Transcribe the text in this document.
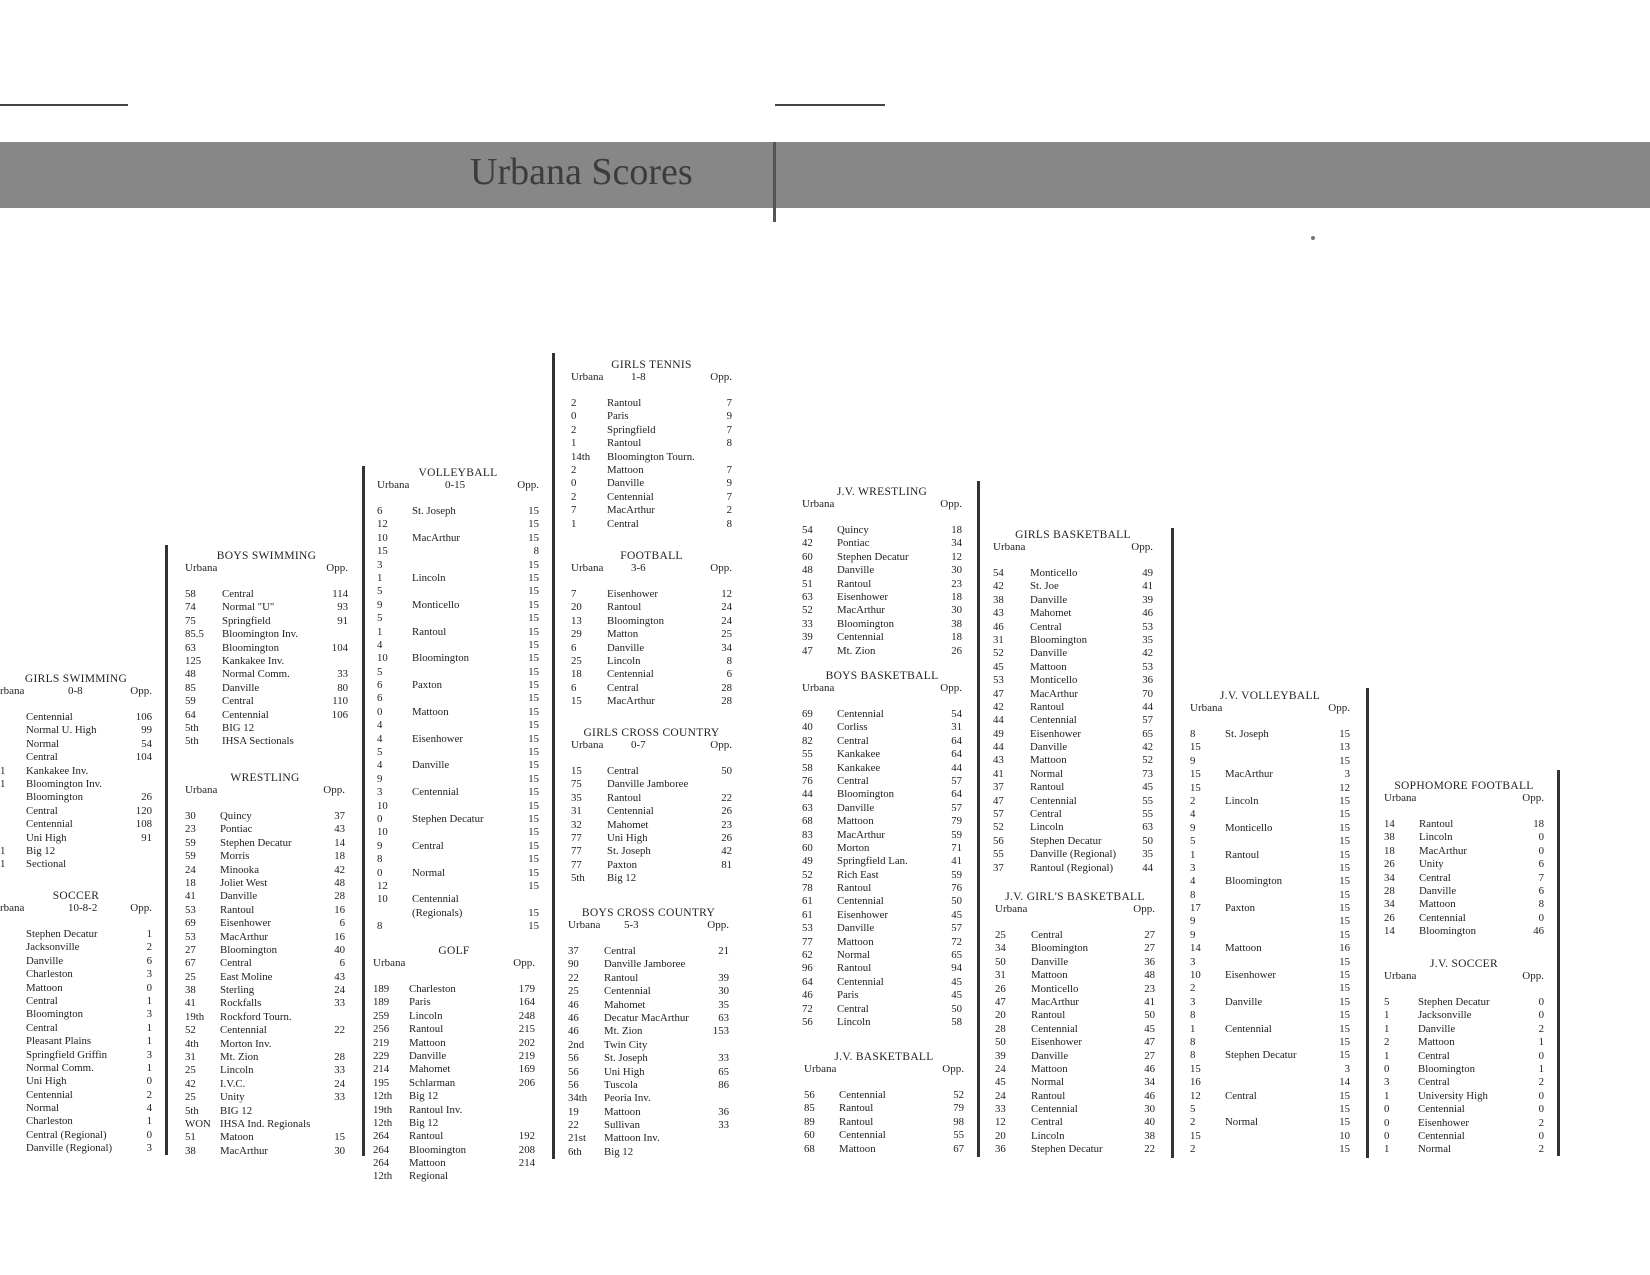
Urbana Scores
GIRLS SWIMMING
rbana	0-8	Opp.
Centennial	106
Normal U. High	99
Normal	54
Central	104
1 Kankakee Inv.
1 Bloomington Inv.
Bloomington	26
Central	120
Centennial	108
Uni High	91
1 Big 12
1 Sectional
SOCCER
rbana	10-8-2	Opp.
Stephen Decatur	1
Jacksonville	2
Danville	6
Charleston	3
Mattoon	0
Central	1
Bloomington	3
Central	1
Pleasant Plains	1
Springfield Griffin	3
Normal Comm.	1
Uni High	0
Centennial	2
Normal	4
Charleston	1
Central (Regional)	0
Danville (Regional)	3
BOYS SWIMMING
Urbana	Opp.
58 Central	114
74 Normal "U"	93
75 Springfield	91
85.5 Bloomington Inv.
63 Bloomington	104
125 Kankakee Inv.
48 Normal Comm.	33
85 Danville	80
59 Central	110
64 Centennial	106
5th BIG 12
5th IHSA Sectionals
WRESTLING
Urbana	Opp.
30 Quincy	37
23 Pontiac	43
59 Stephen Decatur	14
59 Morris	18
24 Minooka	42
18 Joliet West	48
41 Danville	28
53 Rantoul	16
69 Eisenhower	6
53 MacArthur	16
27 Bloomington	40
67 Central	6
25 East Moline	43
38 Sterling	24
41 Rockfalls	33
19th Rockford Tourn.
52 Centennial	22
4th Morton Inv.
31 Mt. Zion	28
25 Lincoln	33
42 I.V.C.	24
25 Unity	33
5th BIG 12
WON IHSA Ind. Regionals
51 Matoon	15
38 MacArthur	30
VOLLEYBALL
Urbana	0-15	Opp.
6	St. Joseph	15
12	15
10 MacArthur	15
15	8
3	15
1	Lincoln	15
5	15
9	Monticello	15
5	15
1	Rantoul	15
4	15
10 Bloomington	15
5	15
6	Paxton	15
6	15
0	Mattoon	15
4	15
4	Eisenhower	15
5	15
4	Danville	15
9	15
3	Centennial	15
10	15
0	Stephen Decatur	15
10	15
9	Central	15
8	15
0	Normal	15
12	15
10 Centennial
(Regionals)	15
8	15
GOLF
Urbana	Opp.
189 Charleston	179
189 Paris	164
259 Lincoln	248
256 Rantoul	215
219 Mattoon	202
229 Danville	219
214 Mahomet	169
195 Schlarman	206
12th Big 12
19th Rantoul Inv.
12th Big 12
264 Rantoul	192
264 Bloomington	208
264 Mattoon	214
12th Regional
GIRLS TENNIS
Urbana	1-8	Opp.
2	Rantoul	7
0	Paris	9
2	Springfield	7
1	Rantoul	8
14th Bloomington Tourn.
2	Mattoon	7
0	Danville	9
2	Centennial	7
7	MacArthur	2
1	Central	8
FOOTBALL
Urbana	3-6	Opp.
7	Eisenhower	12
20 Rantoul	24
13 Bloomington	24
29 Matton	25
6	Danville	34
25 Lincoln	8
18 Centennial	6
6	Central	28
15 MacArthur	28
GIRLS CROSS COUNTRY
Urbana	0-7	Opp.
15 Central	50
75 Danville Jamboree
35 Rantoul	22
31 Centennial	26
32 Mahomet	23
77 Uni High	26
77 St. Joseph	42
77 Paxton	81
5th Big 12
BOYS CROSS COUNTRY
Urbana 5-3	Opp.
37 Central	21
90 Danville Jamboree
22 Rantoul	39
25 Centennial	30
46 Mahomet	35
46 Decatur MacArthur	63
46 Mt. Zion	153
2nd Twin City
56 St. Joseph	33
56 Uni High	65
56 Tuscola	86
34th Peoria Inv.
19 Mattoon	36
22 Sullivan	33
21st Mattoon Inv.
6th Big 12
J.V. WRESTLING
Urbana	Opp.
54 Quincy	18
42 Pontiac	34
60 Stephen Decatur	12
48 Danville	30
51 Rantoul	23
63 Eisenhower	18
52 MacArthur	30
33 Bloomington	38
39 Centennial	18
47 Mt. Zion	26
BOYS BASKETBALL
Urbana	Opp.
69 Centennial	54
40 Corliss	31
82 Central	64
55 Kankakee	64
58 Kankakee	44
76 Central	57
44 Bloomington	64
63 Danville	57
68 Mattoon	79
83 MacArthur	59
60 Morton	71
49 Springfield Lan.	41
52 Rich East	59
78 Rantoul	76
61 Centennial	50
61 Eisenhower	45
53 Danville	57
77 Mattoon	72
62 Normal	65
96 Rantoul	94
64 Centennial	45
46 Paris	45
72 Central	50
56 Lincoln	58
J.V. BASKETBALL
Urbana	Opp.
56 Centennial	52
85 Rantoul	79
89 Rantoul	98
60 Centennial	55
68 Mattoon	67
GIRLS BASKETBALL
Urbana	Opp.
54 Monticello	49
42 St. Joe	41
38 Danville	39
43 Mahomet	46
46 Central	53
31 Bloomington	35
52 Danville	42
45 Mattoon	53
53 Monticello	36
47 MacArthur	70
42 Rantoul	44
44 Centennial	57
49 Eisenhower	65
44 Danville	42
43 Mattoon	52
41 Normal	73
37 Rantoul	45
47 Centennial	55
57 Central	55
52 Lincoln	63
56 Stephen Decatur	50
55 Danville (Regional) 35
37 Rantoul (Regional)	44
J.V. GIRL'S BASKETBALL
Urbana	Opp.
25 Central	27
34 Bloomington	27
50 Danville	36
31 Mattoon	48
26 Monticello	23
47 MacArthur	41
20 Rantoul	50
28 Centennial	45
50 Eisenhower	47
39 Danville	27
24 Mattoon	46
45 Normal	34
24 Rantoul	46
33 Centennial	30
12 Central	40
20 Lincoln	38
36 Stephen Decatur	22
J.V. VOLLEYBALL
Urbana	Opp.
8	St. Joseph	15
15	13
9	15
15 MacArthur	3
15	12
2	Lincoln	15
4	15
9	Monticello	15
5	15
1	Rantoul	15
3	15
4	Bloomington	15
8	15
17 Paxton	15
9	15
9	15
14 Mattoon	16
3	15
10 Eisenhower	15
2	15
3	Danville	15
8	15
1	Centennial	15
8	15
8	Stephen Decatur	15
15	3
16	14
12 Central	15
5	15
2	Normal	15
15	10
2	15
SOPHOMORE FOOTBALL
Urbana	Opp.
14 Rantoul	18
38 Lincoln	0
18 MacArthur	0
26 Unity	6
34 Central	7
28 Danville	6
34 Mattoon	8
26 Centennial	0
14 Bloomington	46
J.V. SOCCER
Urbana	Opp.
5	Stephen Decatur	0
1	Jacksonville	0
1	Danville	2
2	Mattoon	1
1	Central	0
0	Bloomington	1
3	Central	2
1	University High	0
0	Centennial	0
0	Eisenhower	2
0	Centennial	0
1	Normal	2
